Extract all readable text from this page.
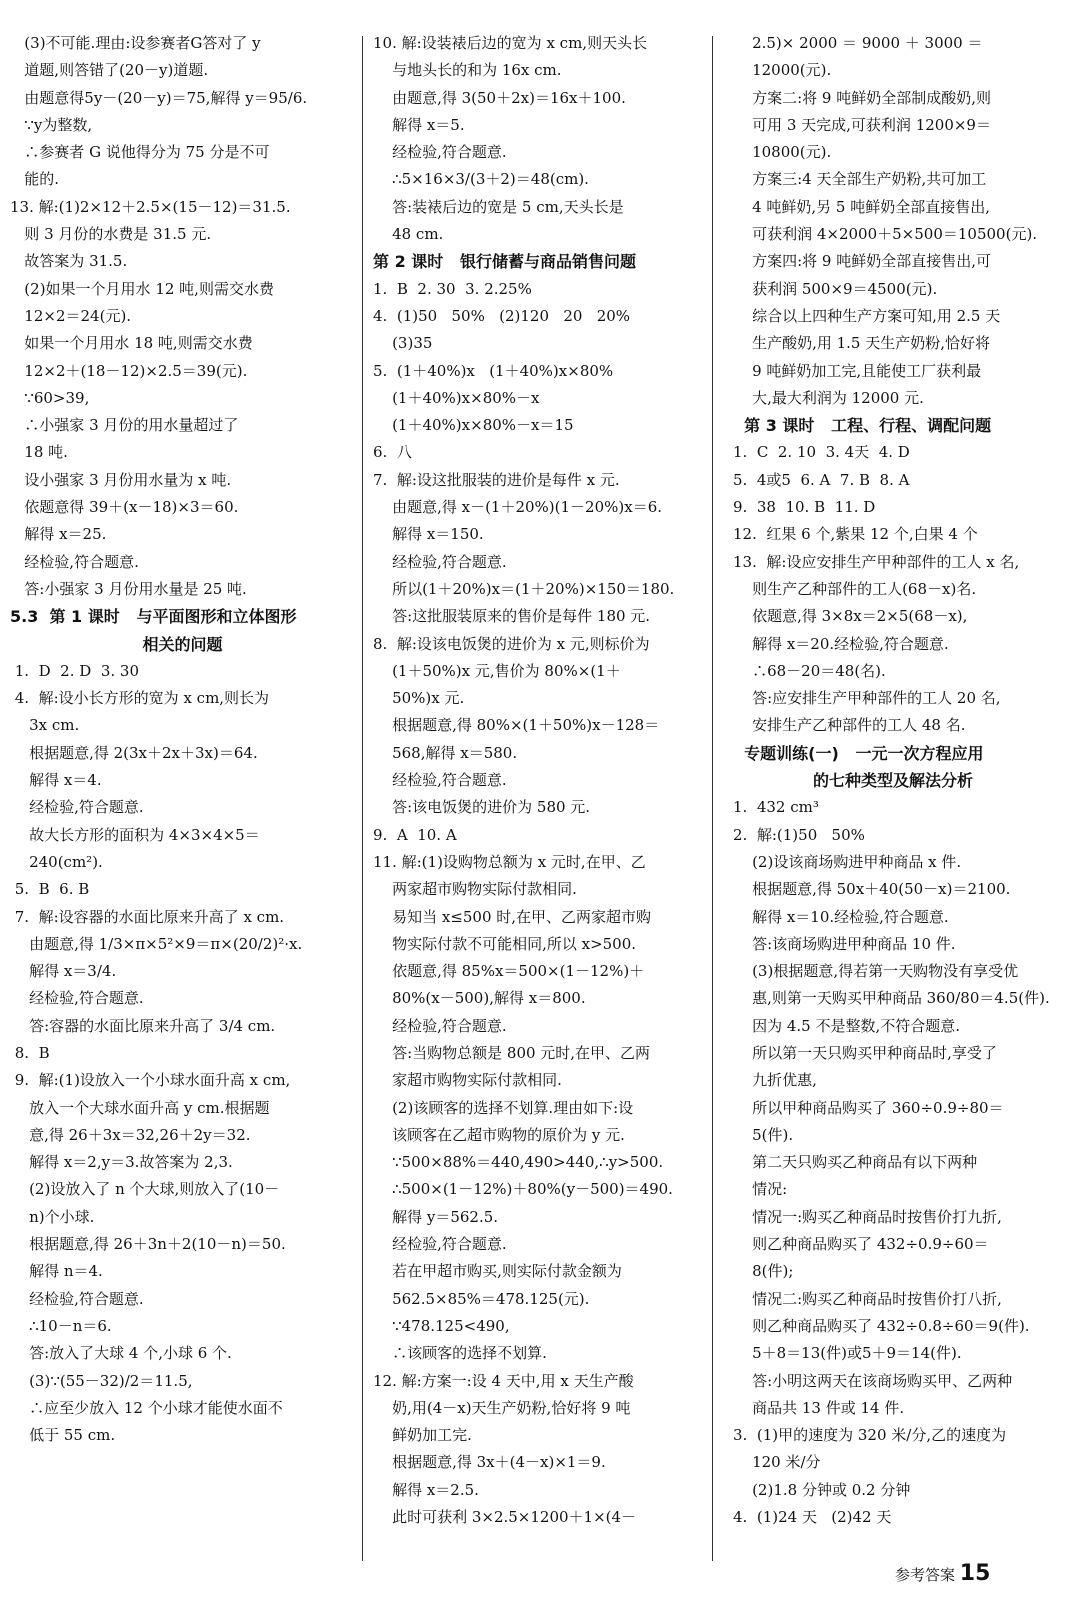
(3)不可能.理由:设参赛者G答对了 y
道题,则答错了(20－y)道题.
由题意得5y－(20－y)＝75,解得 y＝95/6.
∵y为整数,
∴参赛者 G 说他得分为 75 分是不可
能的.
13. 解:(1)2×12＋2.5×(15－12)＝31.5.
则 3 月份的水费是 31.5 元.
故答案为 31.5.
(2)如果一个月用水 12 吨,则需交水费
12×2＝24(元).
如果一个月用水 18 吨,则需交水费
12×2＋(18－12)×2.5＝39(元).
∵60>39,
∴小强家 3 月份的用水量超过了
18 吨.
设小强家 3 月份用水量为 x 吨.
依题意得 39＋(x－18)×3＝60.
解得 x＝25.
经检验,符合题意.
答:小强家 3 月份用水量是 25 吨.
5.3  第 1 课时   与平面图形和立体图形
相关的问题
1.  D  2. D  3. 30
4.  解:设小长方形的宽为 x cm,则长为
3x cm.
根据题意,得 2(3x＋2x＋3x)＝64.
解得 x＝4.
经检验,符合题意.
故大长方形的面积为 4×3×4×5＝
240(cm²).
5.  B  6. B
7.  解:设容器的水面比原来升高了 x cm.
由题意,得 1/3×π×5²×9＝π×(20/2)²·x.
解得 x＝3/4.
经检验,符合题意.
答:容器的水面比原来升高了 3/4 cm.
8.  B
9.  解:(1)设放入一个小球水面升高 x cm,
放入一个大球水面升高 y cm.根据题
意,得 26＋3x＝32,26＋2y＝32.
解得 x＝2,y＝3.故答案为 2,3.
(2)设放入了 n 个大球,则放入了(10－
n)个小球.
根据题意,得 26＋3n＋2(10－n)＝50.
解得 n＝4.
经检验,符合题意.
∴10－n＝6.
答:放入了大球 4 个,小球 6 个.
(3)∵(55－32)/2＝11.5,
∴应至少放入 12 个小球才能使水面不
低于 55 cm.
10. 解:设装裱后边的宽为 x cm,则天头长
与地头长的和为 16x cm.
由题意,得 3(50＋2x)＝16x＋100.
解得 x＝5.
经检验,符合题意.
∴5×16×3/(3＋2)＝48(cm).
答:装裱后边的宽是 5 cm,天头长是
48 cm.
第 2 课时   银行储蓄与商品销售问题
1.  B  2. 30  3. 2.25%
4.  (1)50   50%   (2)120   20   20%
(3)35
5.  (1＋40%)x   (1＋40%)x×80%
(1＋40%)x×80%－x
(1＋40%)x×80%－x＝15
6.  八
7.  解:设这批服装的进价是每件 x 元.
由题意,得 x－(1＋20%)(1－20%)x＝6.
解得 x＝150.
经检验,符合题意.
所以(1＋20%)x＝(1＋20%)×150＝180.
答:这批服装原来的售价是每件 180 元.
8.  解:设该电饭煲的进价为 x 元,则标价为
(1＋50%)x 元,售价为 80%×(1＋
50%)x 元.
根据题意,得 80%×(1＋50%)x－128＝
568,解得 x＝580.
经检验,符合题意.
答:该电饭煲的进价为 580 元.
9.  A  10. A
11. 解:(1)设购物总额为 x 元时,在甲、乙
两家超市购物实际付款相同.
易知当 x≤500 时,在甲、乙两家超市购
物实际付款不可能相同,所以 x>500.
依题意,得 85%x＝500×(1－12%)＋
80%(x－500),解得 x＝800.
经检验,符合题意.
答:当购物总额是 800 元时,在甲、乙两
家超市购物实际付款相同.
(2)该顾客的选择不划算.理由如下:设
该顾客在乙超市购物的原价为 y 元.
∵500×88%＝440,490>440,∴y>500.
∴500×(1－12%)＋80%(y－500)＝490.
解得 y＝562.5.
经检验,符合题意.
若在甲超市购买,则实际付款金额为
562.5×85%＝478.125(元).
∵478.125<490,
∴该顾客的选择不划算.
12. 解:方案一:设 4 天中,用 x 天生产酸
奶,用(4－x)天生产奶粉,恰好将 9 吨
鲜奶加工完.
根据题意,得 3x＋(4－x)×1＝9.
解得 x＝2.5.
此时可获利 3×2.5×1200＋1×(4－
2.5)× 2000 ＝ 9000 ＋ 3000 ＝
12000(元).
方案二:将 9 吨鲜奶全部制成酸奶,则
可用 3 天完成,可获利润 1200×9＝
10800(元).
方案三:4 天全部生产奶粉,共可加工
4 吨鲜奶,另 5 吨鲜奶全部直接售出,
可获利润 4×2000＋5×500＝10500(元).
方案四:将 9 吨鲜奶全部直接售出,可
获利润 500×9＝4500(元).
综合以上四种生产方案可知,用 2.5 天
生产酸奶,用 1.5 天生产奶粉,恰好将
9 吨鲜奶加工完,且能使工厂获利最
大,最大利润为 12000 元.
第 3 课时   工程、行程、调配问题
1.  C  2. 10  3. 4天  4. D
5.  4或5  6. A  7. B  8. A
9.  38  10. B  11. D
12.  红果 6 个,紫果 12 个,白果 4 个
13.  解:设应安排生产甲种部件的工人 x 名,
则生产乙种部件的工人(68－x)名.
依题意,得 3×8x＝2×5(68－x),
解得 x＝20.经检验,符合题意.
∴68－20＝48(名).
答:应安排生产甲种部件的工人 20 名,
安排生产乙种部件的工人 48 名.
专题训练(一)   一元一次方程应用
的七种类型及解法分析
1.  432 cm³
2.  解:(1)50   50%
(2)设该商场购进甲种商品 x 件.
根据题意,得 50x＋40(50－x)＝2100.
解得 x＝10.经检验,符合题意.
答:该商场购进甲种商品 10 件.
(3)根据题意,得若第一天购物没有享受优
惠,则第一天购买甲种商品 360/80＝4.5(件).
因为 4.5 不是整数,不符合题意.
所以第一天只购买甲种商品时,享受了
九折优惠,
所以甲种商品购买了 360÷0.9÷80＝
5(件).
第二天只购买乙种商品有以下两种
情况:
情况一:购买乙种商品时按售价打九折,
则乙种商品购买了 432÷0.9÷60＝
8(件);
情况二:购买乙种商品时按售价打八折,
则乙种商品购买了 432÷0.8÷60＝9(件).
5＋8＝13(件)或5＋9＝14(件).
答:小明这两天在该商场购买甲、乙两种
商品共 13 件或 14 件.
3.  (1)甲的速度为 320 米/分,乙的速度为
120 米/分
(2)1.8 分钟或 0.2 分钟
4.  (1)24 天   (2)42 天
参考答案 15
